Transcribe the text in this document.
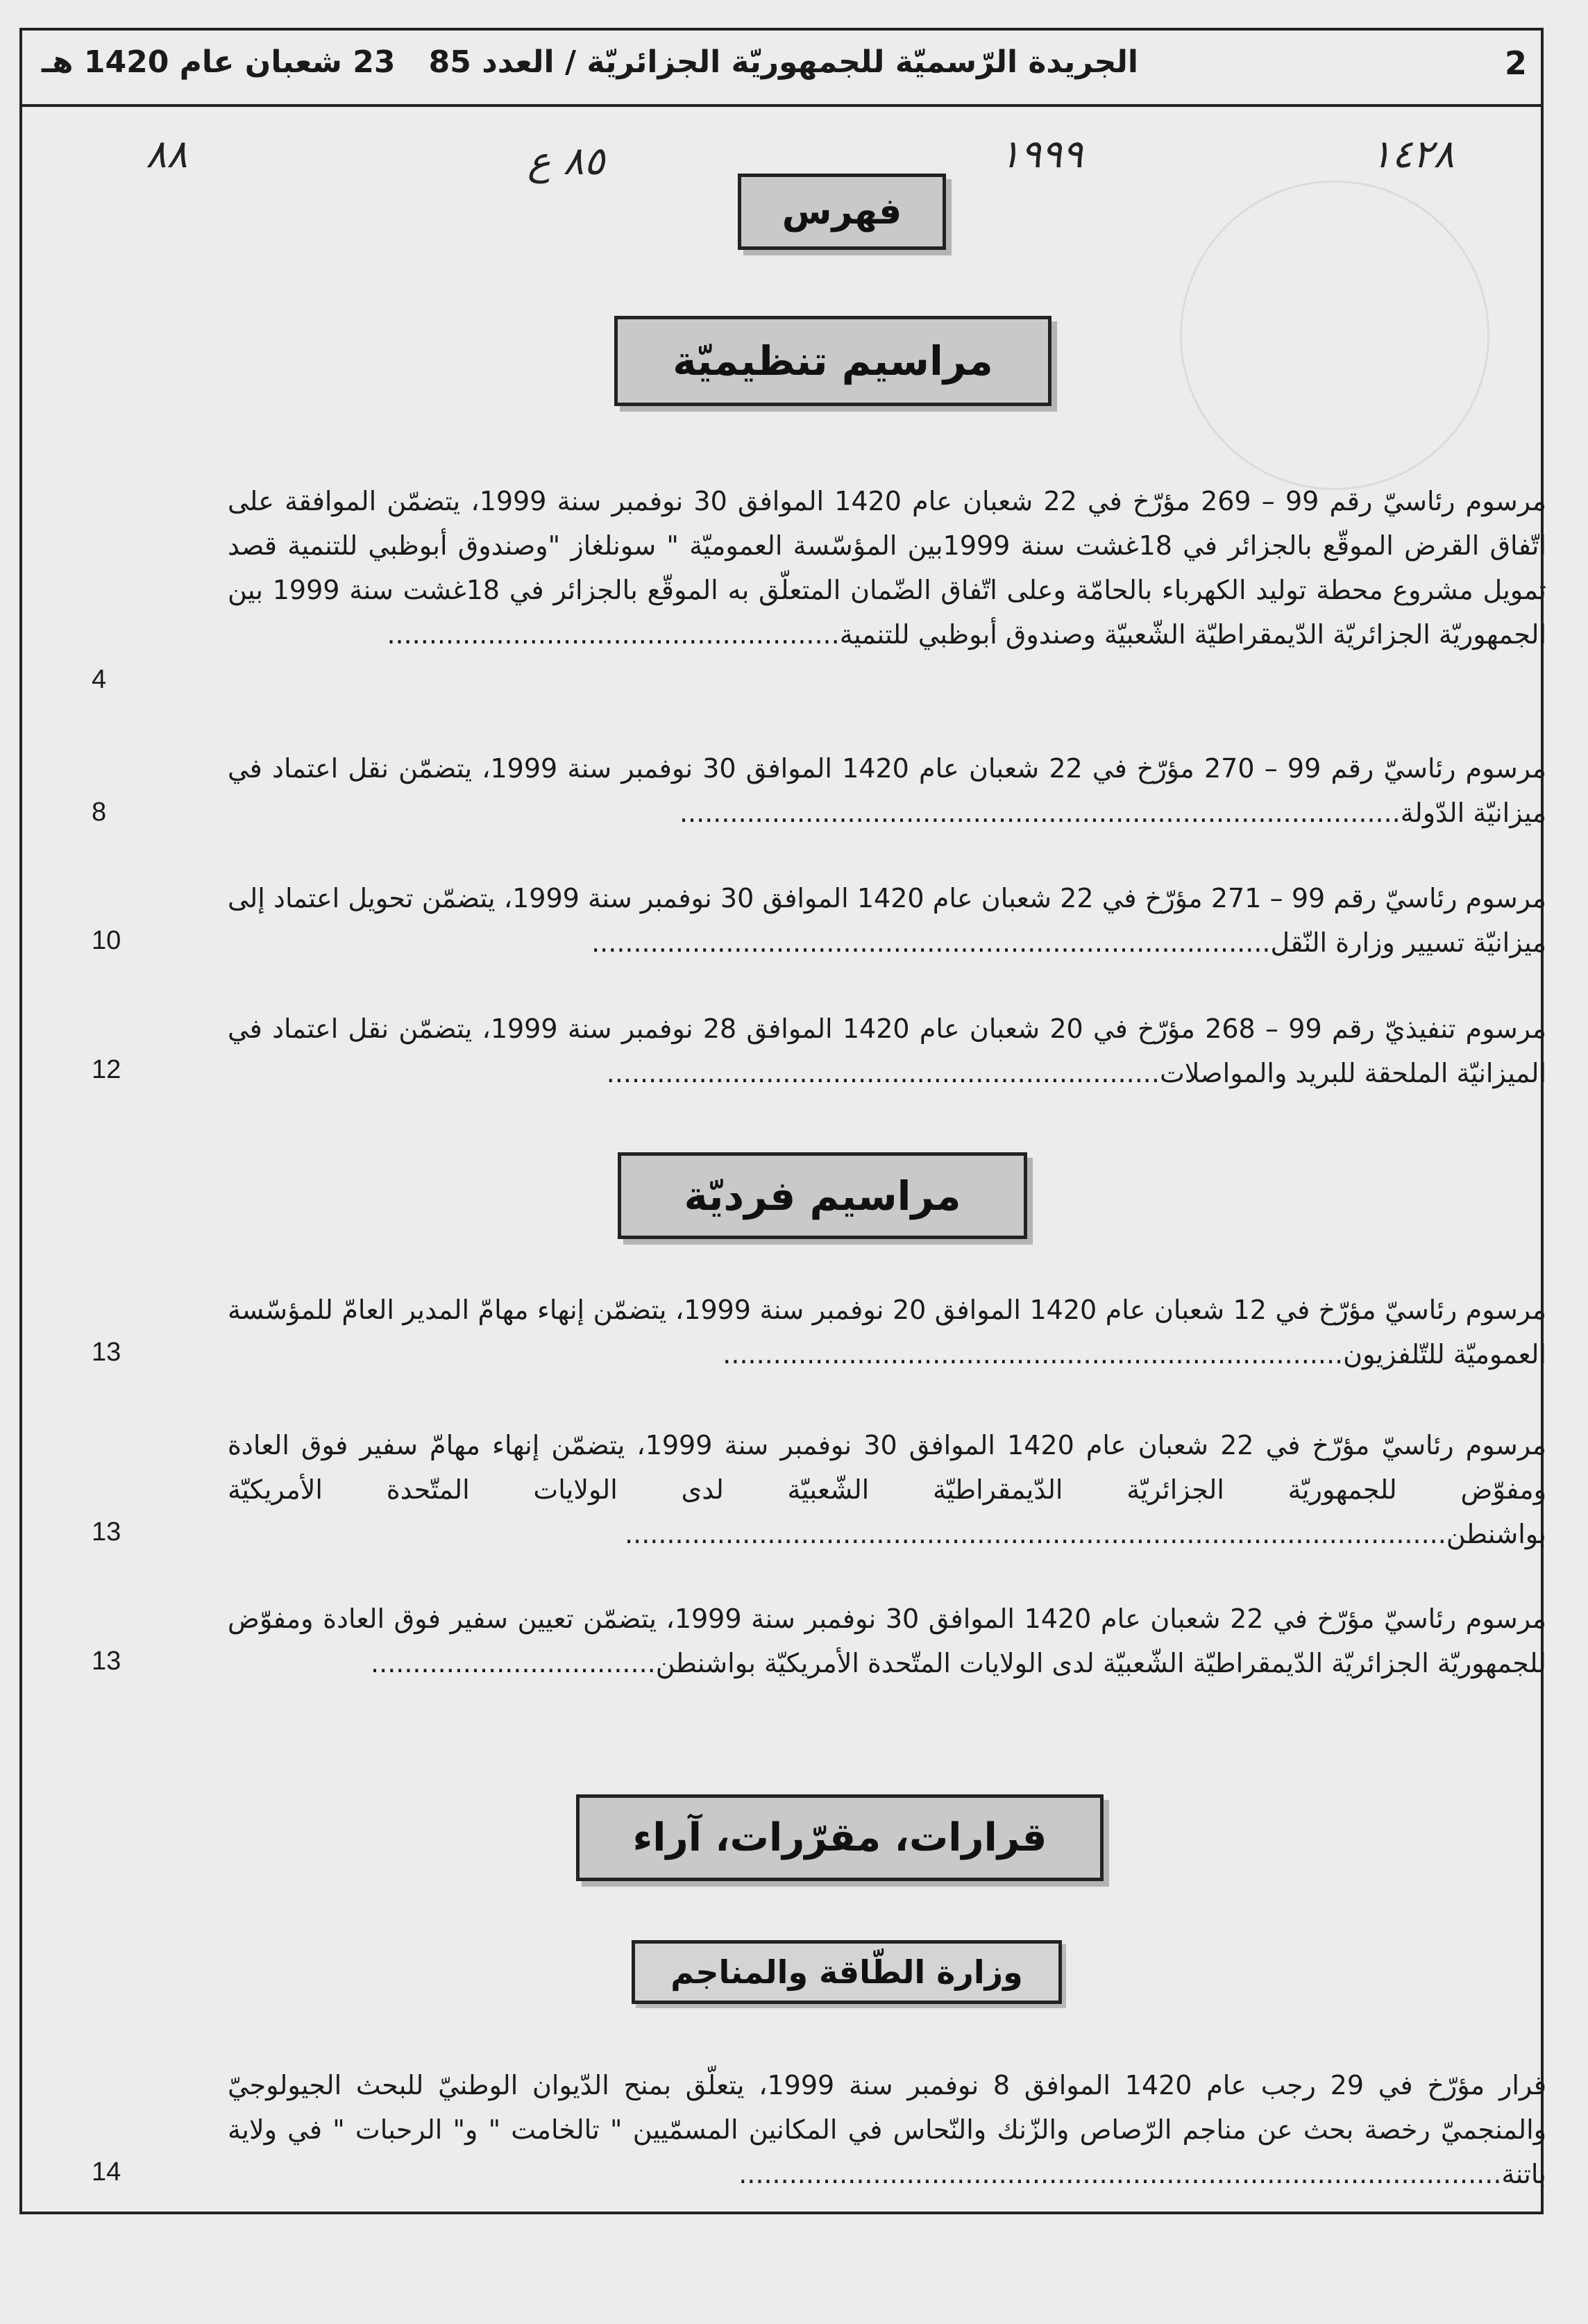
2
الجريدة الرّسميّة للجمهوريّة الجزائريّة / العدد 85
23 شعبان عام 1420 هـ
٨٨	٨٥ ع	١٩٩٩	١٤٢٨
فهرس
مراسيم تنظيميّة
مرسوم رئاسيّ رقم 99 – 269 مؤرّخ في 22 شعبان عام 1420 الموافق 30 نوفمبر سنة 1999، يتضمّن الموافقة على اتّفاق القرض الموقّع بالجزائر في 18غشت سنة 1999بين المؤسّسة العموميّة " سونلغاز "وصندوق أبوظبي للتنمية قصد تمويل مشروع محطة توليد الكهرباء بالحامّة وعلى اتّفاق الضّمان المتعلّق به الموقّع بالجزائر في 18غشت سنة 1999 بين الجمهوريّة الجزائريّة الدّيمقراطيّة الشّعبيّة وصندوق أبوظبي للتنمية......................................................
4
مرسوم رئاسيّ رقم 99 – 270 مؤرّخ في 22 شعبان عام 1420 الموافق 30 نوفمبر سنة 1999، يتضمّن نقل اعتماد في ميزانيّة الدّولة......................................................................................
8
مرسوم رئاسيّ رقم 99 – 271 مؤرّخ في 22 شعبان عام 1420 الموافق 30 نوفمبر سنة 1999، يتضمّن تحويل اعتماد إلى ميزانيّة تسيير وزارة النّقل.................................................................................
10
مرسوم تنفيذيّ رقم 99 – 268 مؤرّخ في 20 شعبان عام 1420 الموافق 28 نوفمبر سنة 1999، يتضمّن نقل اعتماد في الميزانيّة الملحقة للبريد والمواصلات..................................................................
12
مراسيم فرديّة
مرسوم رئاسيّ مؤرّخ في 12 شعبان عام 1420 الموافق 20 نوفمبر سنة 1999، يتضمّن إنهاء مهامّ المدير العامّ للمؤسّسة العموميّة للتّلفزيون..........................................................................
13
مرسوم رئاسيّ مؤرّخ في 22 شعبان عام 1420 الموافق 30 نوفمبر سنة 1999، يتضمّن إنهاء مهامّ سفير فوق العادة ومفوّض للجمهوريّة الجزائريّة الدّيمقراطيّة الشّعبيّة لدى الولايات المتّحدة الأمريكيّة بواشنطن..................................................................................................
13
مرسوم رئاسيّ مؤرّخ في 22 شعبان عام 1420 الموافق 30 نوفمبر سنة 1999، يتضمّن تعيين سفير فوق العادة ومفوّض للجمهوريّة الجزائريّة الدّيمقراطيّة الشّعبيّة لدى الولايات المتّحدة الأمريكيّة بواشنطن..................................
13
قرارات، مقرّرات، آراء
وزارة الطّاقة والمناجم
قرار مؤرّخ في 29 رجب عام 1420 الموافق 8 نوفمبر سنة 1999، يتعلّق بمنح الدّيوان الوطنيّ للبحث الجيولوجيّ والمنجميّ رخصة بحث عن مناجم الرّصاص والزّنك والنّحاس في المكانين المسمّيين " تالخامت " و" الرحبات " في ولاية باتنة...........................................................................................
14
